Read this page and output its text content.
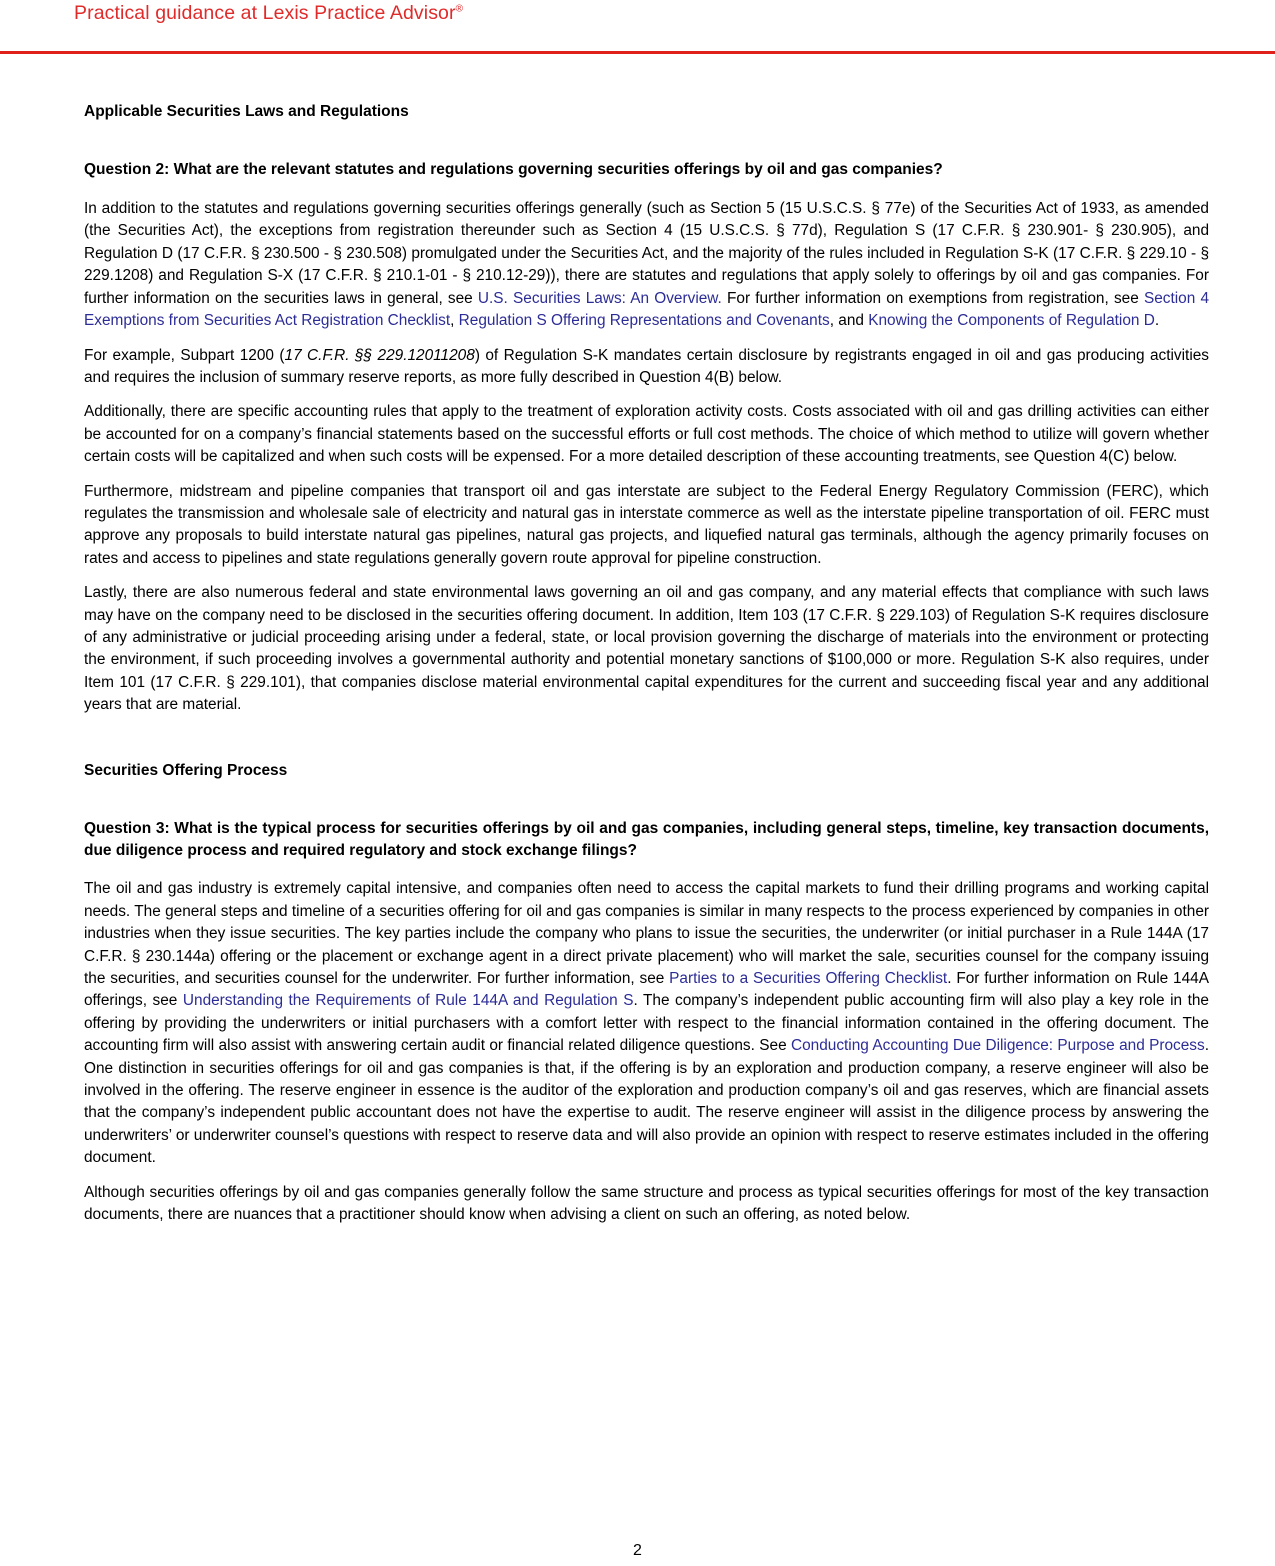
Practical guidance at Lexis Practice Advisor®
Applicable Securities Laws and Regulations
Question 2: What are the relevant statutes and regulations governing securities offerings by oil and gas companies?

In addition to the statutes and regulations governing securities offerings generally (such as Section 5 (15 U.S.C.S. § 77e) of the Securities Act of 1933, as amended (the Securities Act), the exceptions from registration thereunder such as Section 4 (15 U.S.C.S. § 77d), Regulation S (17 C.F.R. § 230.901- § 230.905), and Regulation D (17 C.F.R. § 230.500 - § 230.508) promulgated under the Securities Act, and the majority of the rules included in Regulation S-K (17 C.F.R. § 229.10 - § 229.1208) and Regulation S-X (17 C.F.R. § 210.1-01 - § 210.12-29)), there are statutes and regulations that apply solely to offerings by oil and gas companies. For further information on the securities laws in general, see U.S. Securities Laws: An Overview. For further information on exemptions from registration, see Section 4 Exemptions from Securities Act Registration Checklist, Regulation S Offering Representations and Covenants, and Knowing the Components of Regulation D.

For example, Subpart 1200 (17 C.F.R. §§ 229.12011208) of Regulation S-K mandates certain disclosure by registrants engaged in oil and gas producing activities and requires the inclusion of summary reserve reports, as more fully described in Question 4(B) below.

Additionally, there are specific accounting rules that apply to the treatment of exploration activity costs. Costs associated with oil and gas drilling activities can either be accounted for on a company’s financial statements based on the successful efforts or full cost methods. The choice of which method to utilize will govern whether certain costs will be capitalized and when such costs will be expensed. For a more detailed description of these accounting treatments, see Question 4(C) below.

Furthermore, midstream and pipeline companies that transport oil and gas interstate are subject to the Federal Energy Regulatory Commission (FERC), which regulates the transmission and wholesale sale of electricity and natural gas in interstate commerce as well as the interstate pipeline transportation of oil. FERC must approve any proposals to build interstate natural gas pipelines, natural gas projects, and liquefied natural gas terminals, although the agency primarily focuses on rates and access to pipelines and state regulations generally govern route approval for pipeline construction.

Lastly, there are also numerous federal and state environmental laws governing an oil and gas company, and any material effects that compliance with such laws may have on the company need to be disclosed in the securities offering document. In addition, Item 103 (17 C.F.R. § 229.103) of Regulation S-K requires disclosure of any administrative or judicial proceeding arising under a federal, state, or local provision governing the discharge of materials into the environment or protecting the environment, if such proceeding involves a governmental authority and potential monetary sanctions of $100,000 or more. Regulation S-K also requires, under Item 101 (17 C.F.R. § 229.101), that companies disclose material environmental capital expenditures for the current and succeeding fiscal year and any additional years that are material.

Securities Offering Process
Question 3: What is the typical process for securities offerings by oil and gas companies, including general steps, timeline, key transaction documents, due diligence process and required regulatory and stock exchange filings?

The oil and gas industry is extremely capital intensive, and companies often need to access the capital markets to fund their drilling programs and working capital needs. The general steps and timeline of a securities offering for oil and gas companies is similar in many respects to the process experienced by companies in other industries when they issue securities. The key parties include the company who plans to issue the securities, the underwriter (or initial purchaser in a Rule 144A (17 C.F.R. § 230.144a) offering or the placement or exchange agent in a direct private placement) who will market the sale, securities counsel for the company issuing the securities, and securities counsel for the underwriter. For further information, see Parties to a Securities Offering Checklist. For further information on Rule 144A offerings, see Understanding the Requirements of Rule 144A and Regulation S. The company’s independent public accounting firm will also play a key role in the offering by providing the underwriters or initial purchasers with a comfort letter with respect to the financial information contained in the offering document. The accounting firm will also assist with answering certain audit or financial related diligence questions. See Conducting Accounting Due Diligence: Purpose and Process. One distinction in securities offerings for oil and gas companies is that, if the offering is by an exploration and production company, a reserve engineer will also be involved in the offering. The reserve engineer in essence is the auditor of the exploration and production company’s oil and gas reserves, which are financial assets that the company’s independent public accountant does not have the expertise to audit. The reserve engineer will assist in the diligence process by answering the underwriters’ or underwriter counsel’s questions with respect to reserve data and will also provide an opinion with respect to reserve estimates included in the offering document.

Although securities offerings by oil and gas companies generally follow the same structure and process as typical securities offerings for most of the key transaction documents, there are nuances that a practitioner should know when advising a client on such an offering, as noted below.

2
